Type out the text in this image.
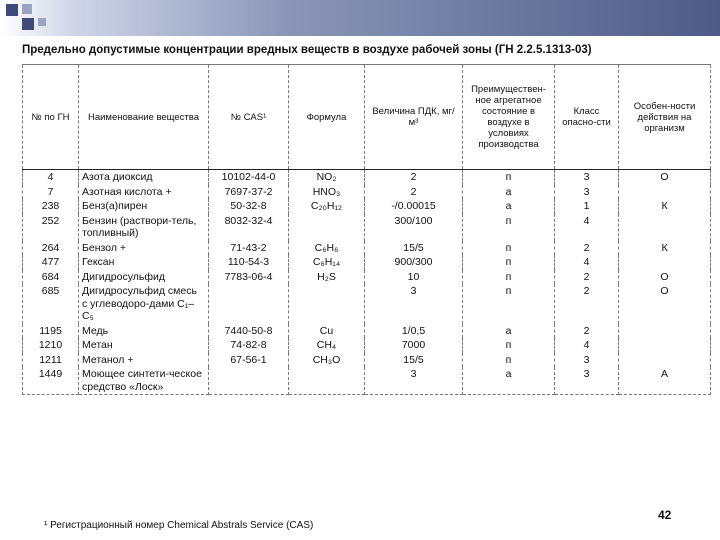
Предельно допустимые концентрации вредных веществ в воздухе рабочей зоны (ГН 2.2.5.1313-03)
№ по ГН	Наименование вещества	№ CAS¹	Формула	Величина ПДК, мг/м³	Преимуществен-ное агрегатное состояние в воздухе в условиях производства	Класс опасно-сти	Особен-ности действия на организм
4	Азота диоксид	10102-44-0	NO₂	2	п	3	О
7	Азотная кислота +	7697-37-2	HNO₃	2	а	3	
238	Бенз(а)пирен	50-32-8	C₂₀H₁₂	-/0.00015	а	1	К
252	Бензин (раствори-тель, топливный)	8032-32-4		300/100	п	4	
264	Бензол +	71-43-2	C₆H₆	15/5	п	2	К
477	Гексан	110-54-3	C₆H₁₄	900/300	п	4	
684	Дигидросульфид	7783-06-4	H₂S	10	п	2	О
685	Дигидросульфид смесь с углеводоро-дами C₁–C₅			3	п	2	О
1195	Медь	7440-50-8	Cu	1/0,5	а	2	
1210	Метан	74-82-8	CH₄	7000	п	4	
1211	Метанол +	67-56-1	CH₃O	15/5	п	3	
1449	Моющее синтети-ческое средство «Лоск»			3	а	3	А
42
¹ Регистрационный номер Chemical Abstrals Service (CAS)
